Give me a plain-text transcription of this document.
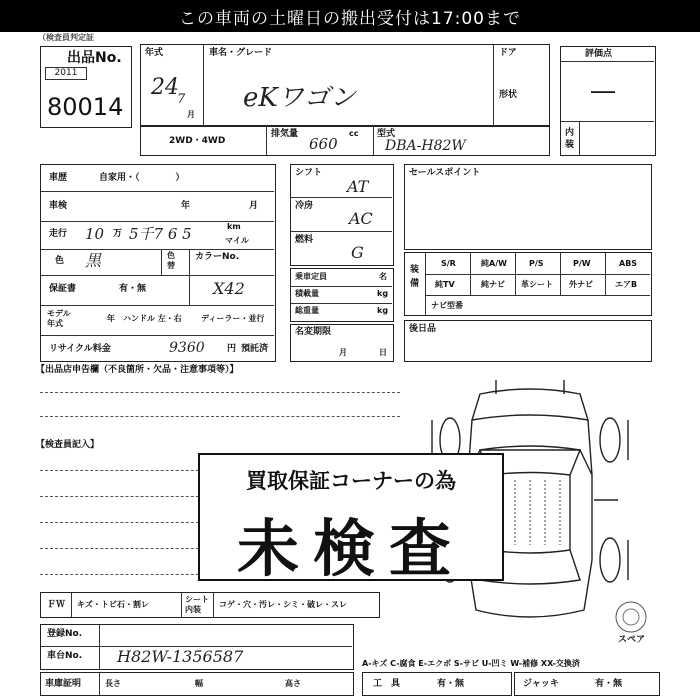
この車両の土曜日の搬出受付は17:00まで
（検査員判定証
出品No.
2011
80014
年式
24
7
月
車名・グレード
eKワゴン
ドア
形状
2WD・4WD
排気量
660
cc 型式
DBA-H82W
評価点
―
内装
車歴	自家用・（　　　　）
車検	年	月
走行 10 万 5千7 6 5	km
マイル
色 黒	色替
カラーNo.
X42
保証書	有・無
モデル年式
年 ハンドル 左・右 ディーラー・並行
リサイクル料金	9360 円 預託済
シフト
AT
冷房
AC
燃料
G
乗車定員	名
積載量	kg
総重量	kg
名変期限
月	日
セールスポイント
装備
S/R	純A/W	P/S	P/W	ABS
純TV	純ナビ 革シート 外ナビ	エアB
ナビ型番
後日品
【出品店申告欄（不良箇所・欠品・注意事項等）】
【検査員記入】
スペア
買取保証コーナーの為
未検査
ＦＷ キズ・トビ石・割レ
シート内装
コゲ・穴・汚レ・シミ・破レ・スレ
登録No.
車台No. H82W-1356587
車庫証明	長さ	幅	高さ
A-キズ C-腐食 E-エクボ S-サビ U-凹ミ W-補修 XX-交換済
工　具	有・無	ジャッキ	有・無
